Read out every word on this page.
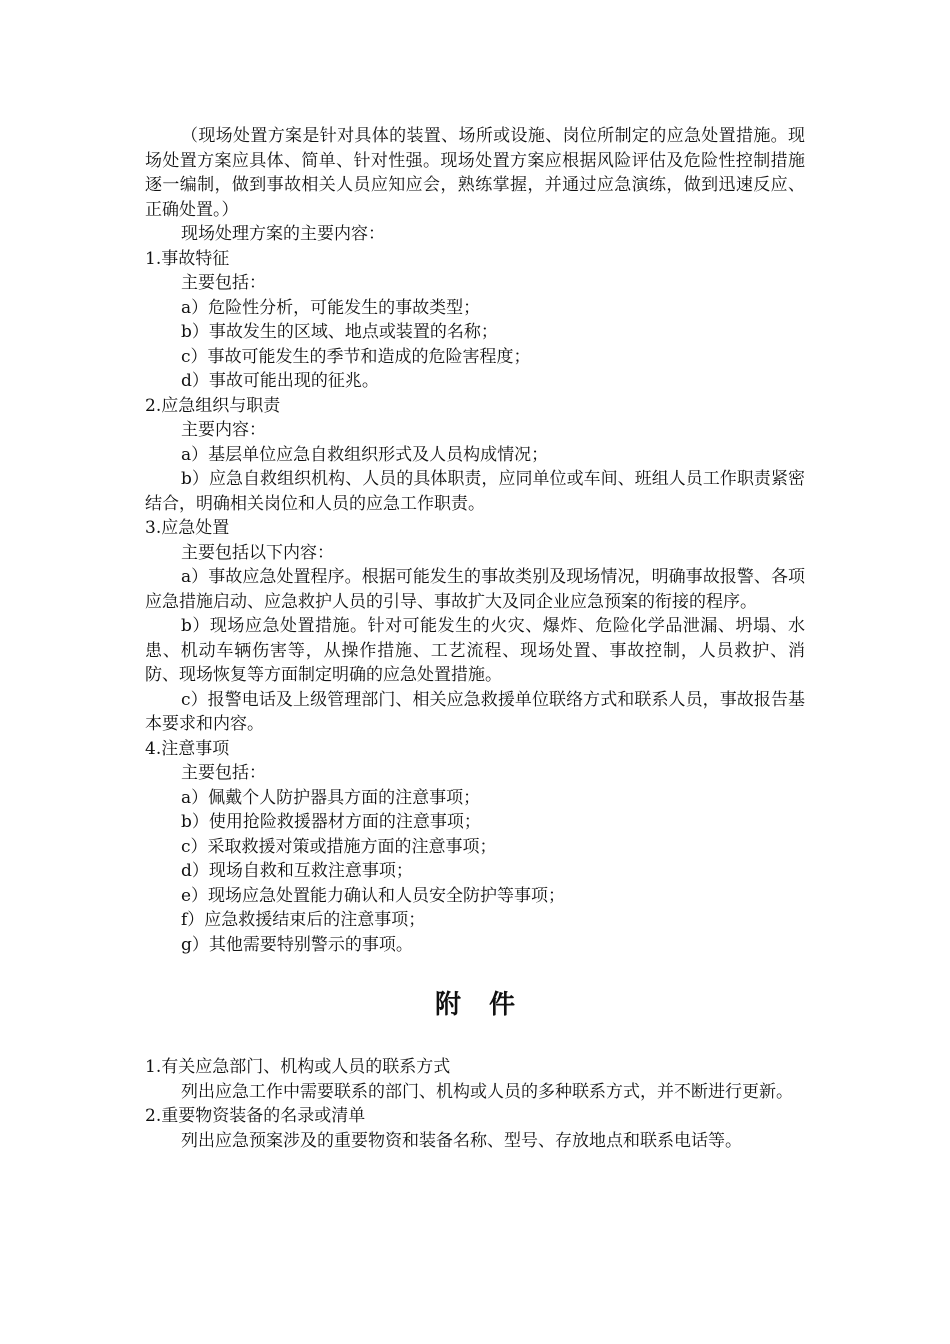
（现场处置方案是针对具体的装置、场所或设施、岗位所制定的应急处置措施。现场处置方案应具体、简单、针对性强。现场处置方案应根据风险评估及危险性控制措施逐一编制，做到事故相关人员应知应会，熟练掌握，并通过应急演练，做到迅速反应、正确处置。）

现场处理方案的主要内容：

1.事故特征

主要包括：

a）危险性分析，可能发生的事故类型；

b）事故发生的区域、地点或装置的名称；

c）事故可能发生的季节和造成的危险害程度；

d）事故可能出现的征兆。

2.应急组织与职责

主要内容：

a）基层单位应急自救组织形式及人员构成情况；

b）应急自救组织机构、人员的具体职责，应同单位或车间、班组人员工作职责紧密结合，明确相关岗位和人员的应急工作职责。

3.应急处置

主要包括以下内容：

a）事故应急处置程序。根据可能发生的事故类别及现场情况，明确事故报警、各项应急措施启动、应急救护人员的引导、事故扩大及同企业应急预案的衔接的程序。

b）现场应急处置措施。针对可能发生的火灾、爆炸、危险化学品泄漏、坍塌、水患、机动车辆伤害等，从操作措施、工艺流程、现场处置、事故控制，人员救护、消防、现场恢复等方面制定明确的应急处置措施。

c）报警电话及上级管理部门、相关应急救援单位联络方式和联系人员，事故报告基本要求和内容。

4.注意事项

主要包括：

a）佩戴个人防护器具方面的注意事项；

b）使用抢险救援器材方面的注意事项；

c）采取救援对策或措施方面的注意事项；

d）现场自救和互救注意事项；

e）现场应急处置能力确认和人员安全防护等事项；

f）应急救援结束后的注意事项；

g）其他需要特别警示的事项。

附件

1.有关应急部门、机构或人员的联系方式

列出应急工作中需要联系的部门、机构或人员的多种联系方式，并不断进行更新。

2.重要物资装备的名录或清单

列出应急预案涉及的重要物资和装备名称、型号、存放地点和联系电话等。
